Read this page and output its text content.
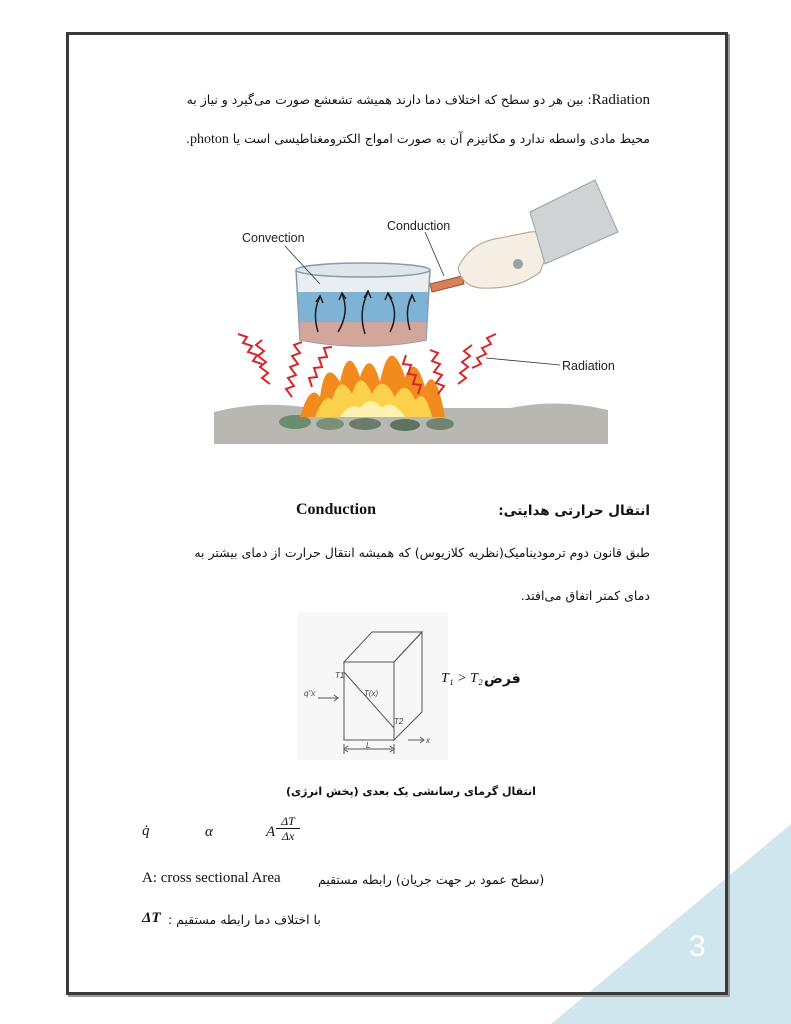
3
Radiation: بین هر دو سطح که اختلاف دما دارند همیشه تشعشع صورت می‌گیرد و نیاز به
محیط مادی واسطه ندارد و مکانیزم آن به صورت امواج الکترومغناطیسی است یا photon.
Convection
Conduction
Radiation
Conduction	انتقال حرارتی هدایتی:
طبق قانون دوم ترمودینامیک(نظریه کلازیوس) که همیشه انتقال حرارت از دمای بیشتر به
دمای کمتر اتفاق می‌افتد.
q"x
T1
T(x)
T2
L
x
T₁ > T₂ فرض
انتقال گرمای رسانشی یک بعدی (پخش انرژی)
q̇	α	A $\frac{\Delta T}{\Delta x}$
A: cross sectional Area	(سطح عمود بر جهت جریان) رابطه مستقیم
ΔT با اختلاف دما رابطه مستقیم :
